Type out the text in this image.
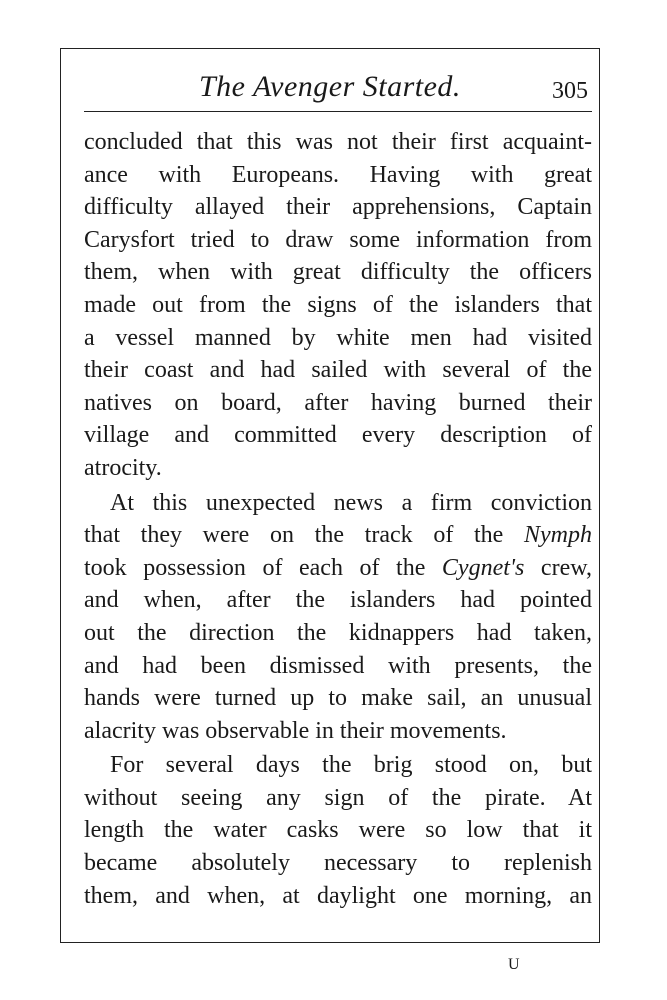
The Avenger Started.	305
concluded that this was not their first acquaint-
ance with Europeans. Having with great
difficulty allayed their apprehensions, Captain
Carysfort tried to draw some information from
them, when with great difficulty the officers
made out from the signs of the islanders that
a vessel manned by white men had visited
their coast and had sailed with several of the
natives on board, after having burned their
village and committed every description of
atrocity.
At this unexpected news a firm conviction
that they were on the track of the Nymph
took possession of each of the Cygnet's crew,
and when, after the islanders had pointed
out the direction the kidnappers had taken,
and had been dismissed with presents, the
hands were turned up to make sail, an unusual
alacrity was observable in their movements.
For several days the brig stood on, but
without seeing any sign of the pirate. At
length the water casks were so low that it
became absolutely necessary to replenish
them, and when, at daylight one morning, an
U
